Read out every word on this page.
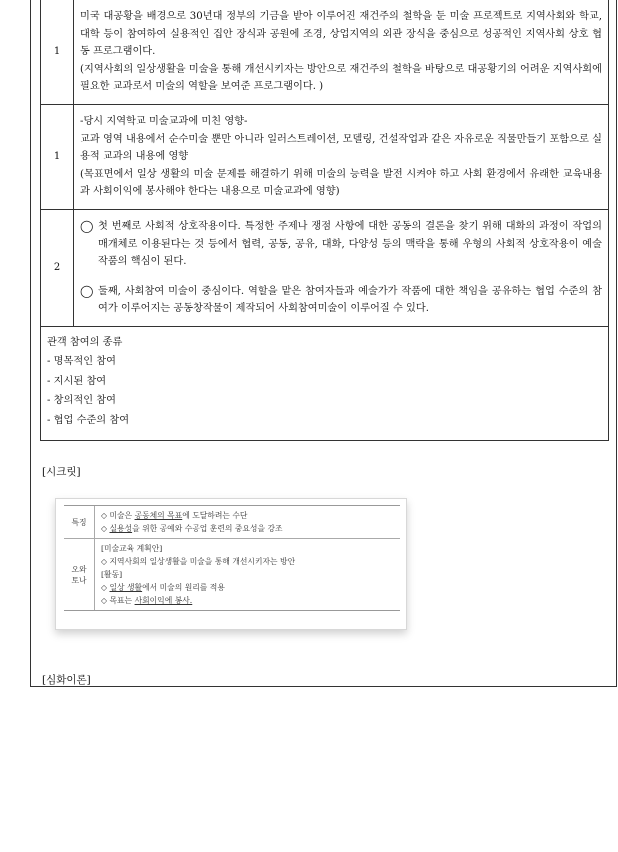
1

미국 대공황을 배경으로 30년대 정부의 기금을 받아 이루어진 재건주의 철학을 둔 미술 프로젝트로 지역사회와 학교, 대학 등이 참여하여 실용적인 집안 장식과 공원에 조경, 상업지역의 외관 장식을 중심으로 성공적인 지역사회 상호 협동 프로그램이다.

(지역사회의 일상생활을 미술을 통해 개선시키자는 방안으로 재건주의 철학을 바탕으로 대공황기의 어려운 지역사회에 필요한 교과로서 미술의 역할을 보여준 프로그램이다. )

1

-당시 지역학교 미술교과에 미친 영향-

교과 영역 내용에서 순수미술 뿐만 아니라 일러스트레이션, 모델링, 건설작업과 같은 자유로운 직물만들기 포함으로 실용적 교과의 내용에 영향

(목표면에서 일상 생활의 미술 문제를 해결하기 위해 미술의 능력을 발전 시켜야 하고 사회 환경에서 유래한 교육내용과 사회이익에 봉사해야 한다는 내용으로 미술교과에 영향)

2
◯ 첫 번째로 사회적 상호작용이다. 특정한 주제나 쟁점 사항에 대한 공동의 결론을 찾기 위해 대화의 과정이 작업의 매개체로 이용된다는 것 등에서 협력, 공동, 공유, 대화, 다양성 등의 맥락을 통해 우형의 사회적 상호작용이 예술작품의 핵심이 된다.
◯ 둘째, 사회참여 미술이 중심이다. 역할을 맡은 참여자들과 예술가가 작품에 대한 책임을 공유하는 협업 수준의 참여가 이루어지는 공동창작물이 제작되어 사회참여미술이 이루어질 수 있다.
관객 참여의 종류
- 명목적인 참여
- 지시된 참여
- 창의적인 참여
- 협업 수준의 참여
[시크릿]
특징
◇ 미술은 공동체의 목표에 도달하려는 수단
◇ 실용성을 위한 공예와 수공업 훈련의 중요성을 강조
오와
토나
[미술교육 계획안]
◇ 지역사회의 일상생활을 미술을 통해 개선시키자는 방안
[활동]
◇ 일상 생활에서 미술의 원리를 적용
◇ 목표는 사회이익에 봉사.
[심화이론]
